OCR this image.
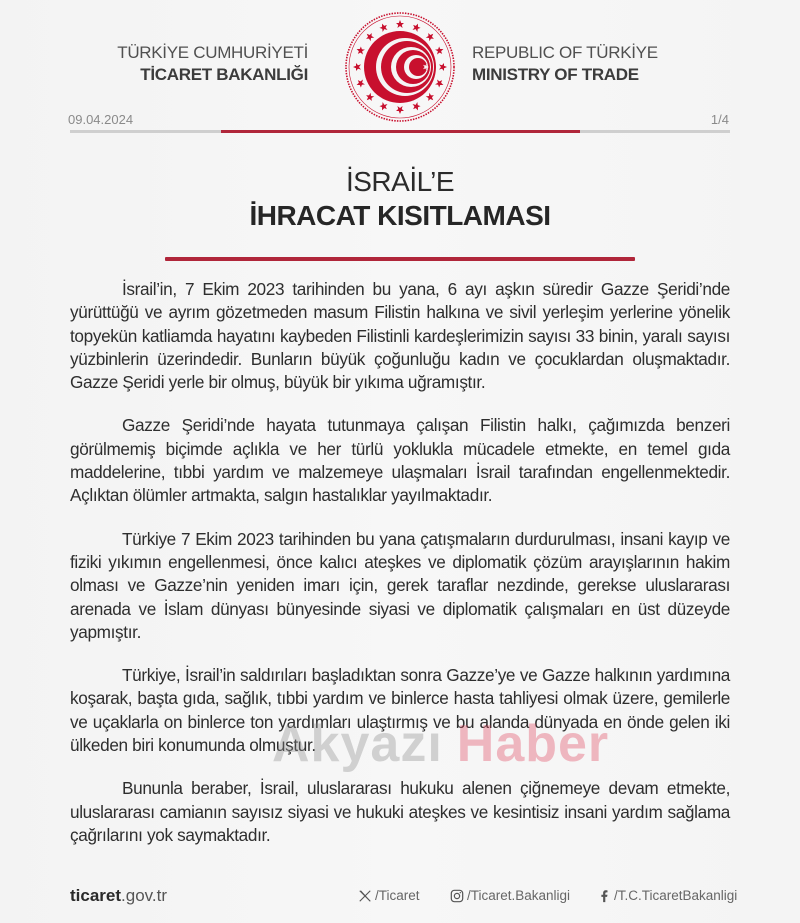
TÜRKİYE CUMHURİYETİ
TİCARET BAKANLIĞI
REPUBLIC OF TÜRKİYE
MINISTRY OF TRADE
09.04.2024	1/4
İSRAİL’E
İHRACAT KISITLAMASI

İsrail’in, 7 Ekim 2023 tarihinden bu yana, 6 ayı aşkın süredir Gazze Şeridi’nde yürüttüğü ve ayrım gözetmeden masum Filistin halkına ve sivil yerleşim yerlerine yönelik topyekün katliamda hayatını kaybeden Filistinli kardeşlerimizin sayısı 33 binin, yaralı sayısı yüzbinlerin üzerindedir. Bunların büyük çoğunluğu kadın ve çocuklardan oluşmaktadır. Gazze Şeridi yerle bir olmuş, büyük bir yıkıma uğramıştır.

Gazze Şeridi’nde hayata tutunmaya çalışan Filistin halkı, çağımızda benzeri görülmemiş biçimde açlıkla ve her türlü yoklukla mücadele etmekte, en temel gıda maddelerine, tıbbi yardım ve malzemeye ulaşmaları İsrail tarafından engellenmektedir. Açlıktan ölümler artmakta, salgın hastalıklar yayılmaktadır.

Türkiye 7 Ekim 2023 tarihinden bu yana çatışmaların durdurulması, insani kayıp ve fiziki yıkımın engellenmesi, önce kalıcı ateşkes ve diplomatik çözüm arayışlarının hakim olması ve Gazze’nin yeniden imarı için, gerek taraflar nezdinde, gerekse uluslararası arenada ve İslam dünyası bünyesinde siyasi ve diplomatik çalışmaları en üst düzeyde yapmıştır.

Türkiye, İsrail’in saldırıları başladıktan sonra Gazze’ye ve Gazze halkının yardımına koşarak, başta gıda, sağlık, tıbbi yardım ve binlerce hasta tahliyesi olmak üzere, gemilerle ve uçaklarla on binlerce ton yardımları ulaştırmış ve bu alanda dünyada en önde gelen iki ülkeden biri konumunda olmuştur.

Bununla beraber, İsrail, uluslararası hukuku alenen çiğnemeye devam etmekte, uluslararası camianın sayısız siyasi ve hukuki ateşkes ve kesintisiz insani yardım sağlama çağrılarını yok saymaktadır.

Akyazı Haber
ticaret.gov.tr	/Ticaret	/Ticaret.Bakanligi	/T.C.TicaretBakanligi
